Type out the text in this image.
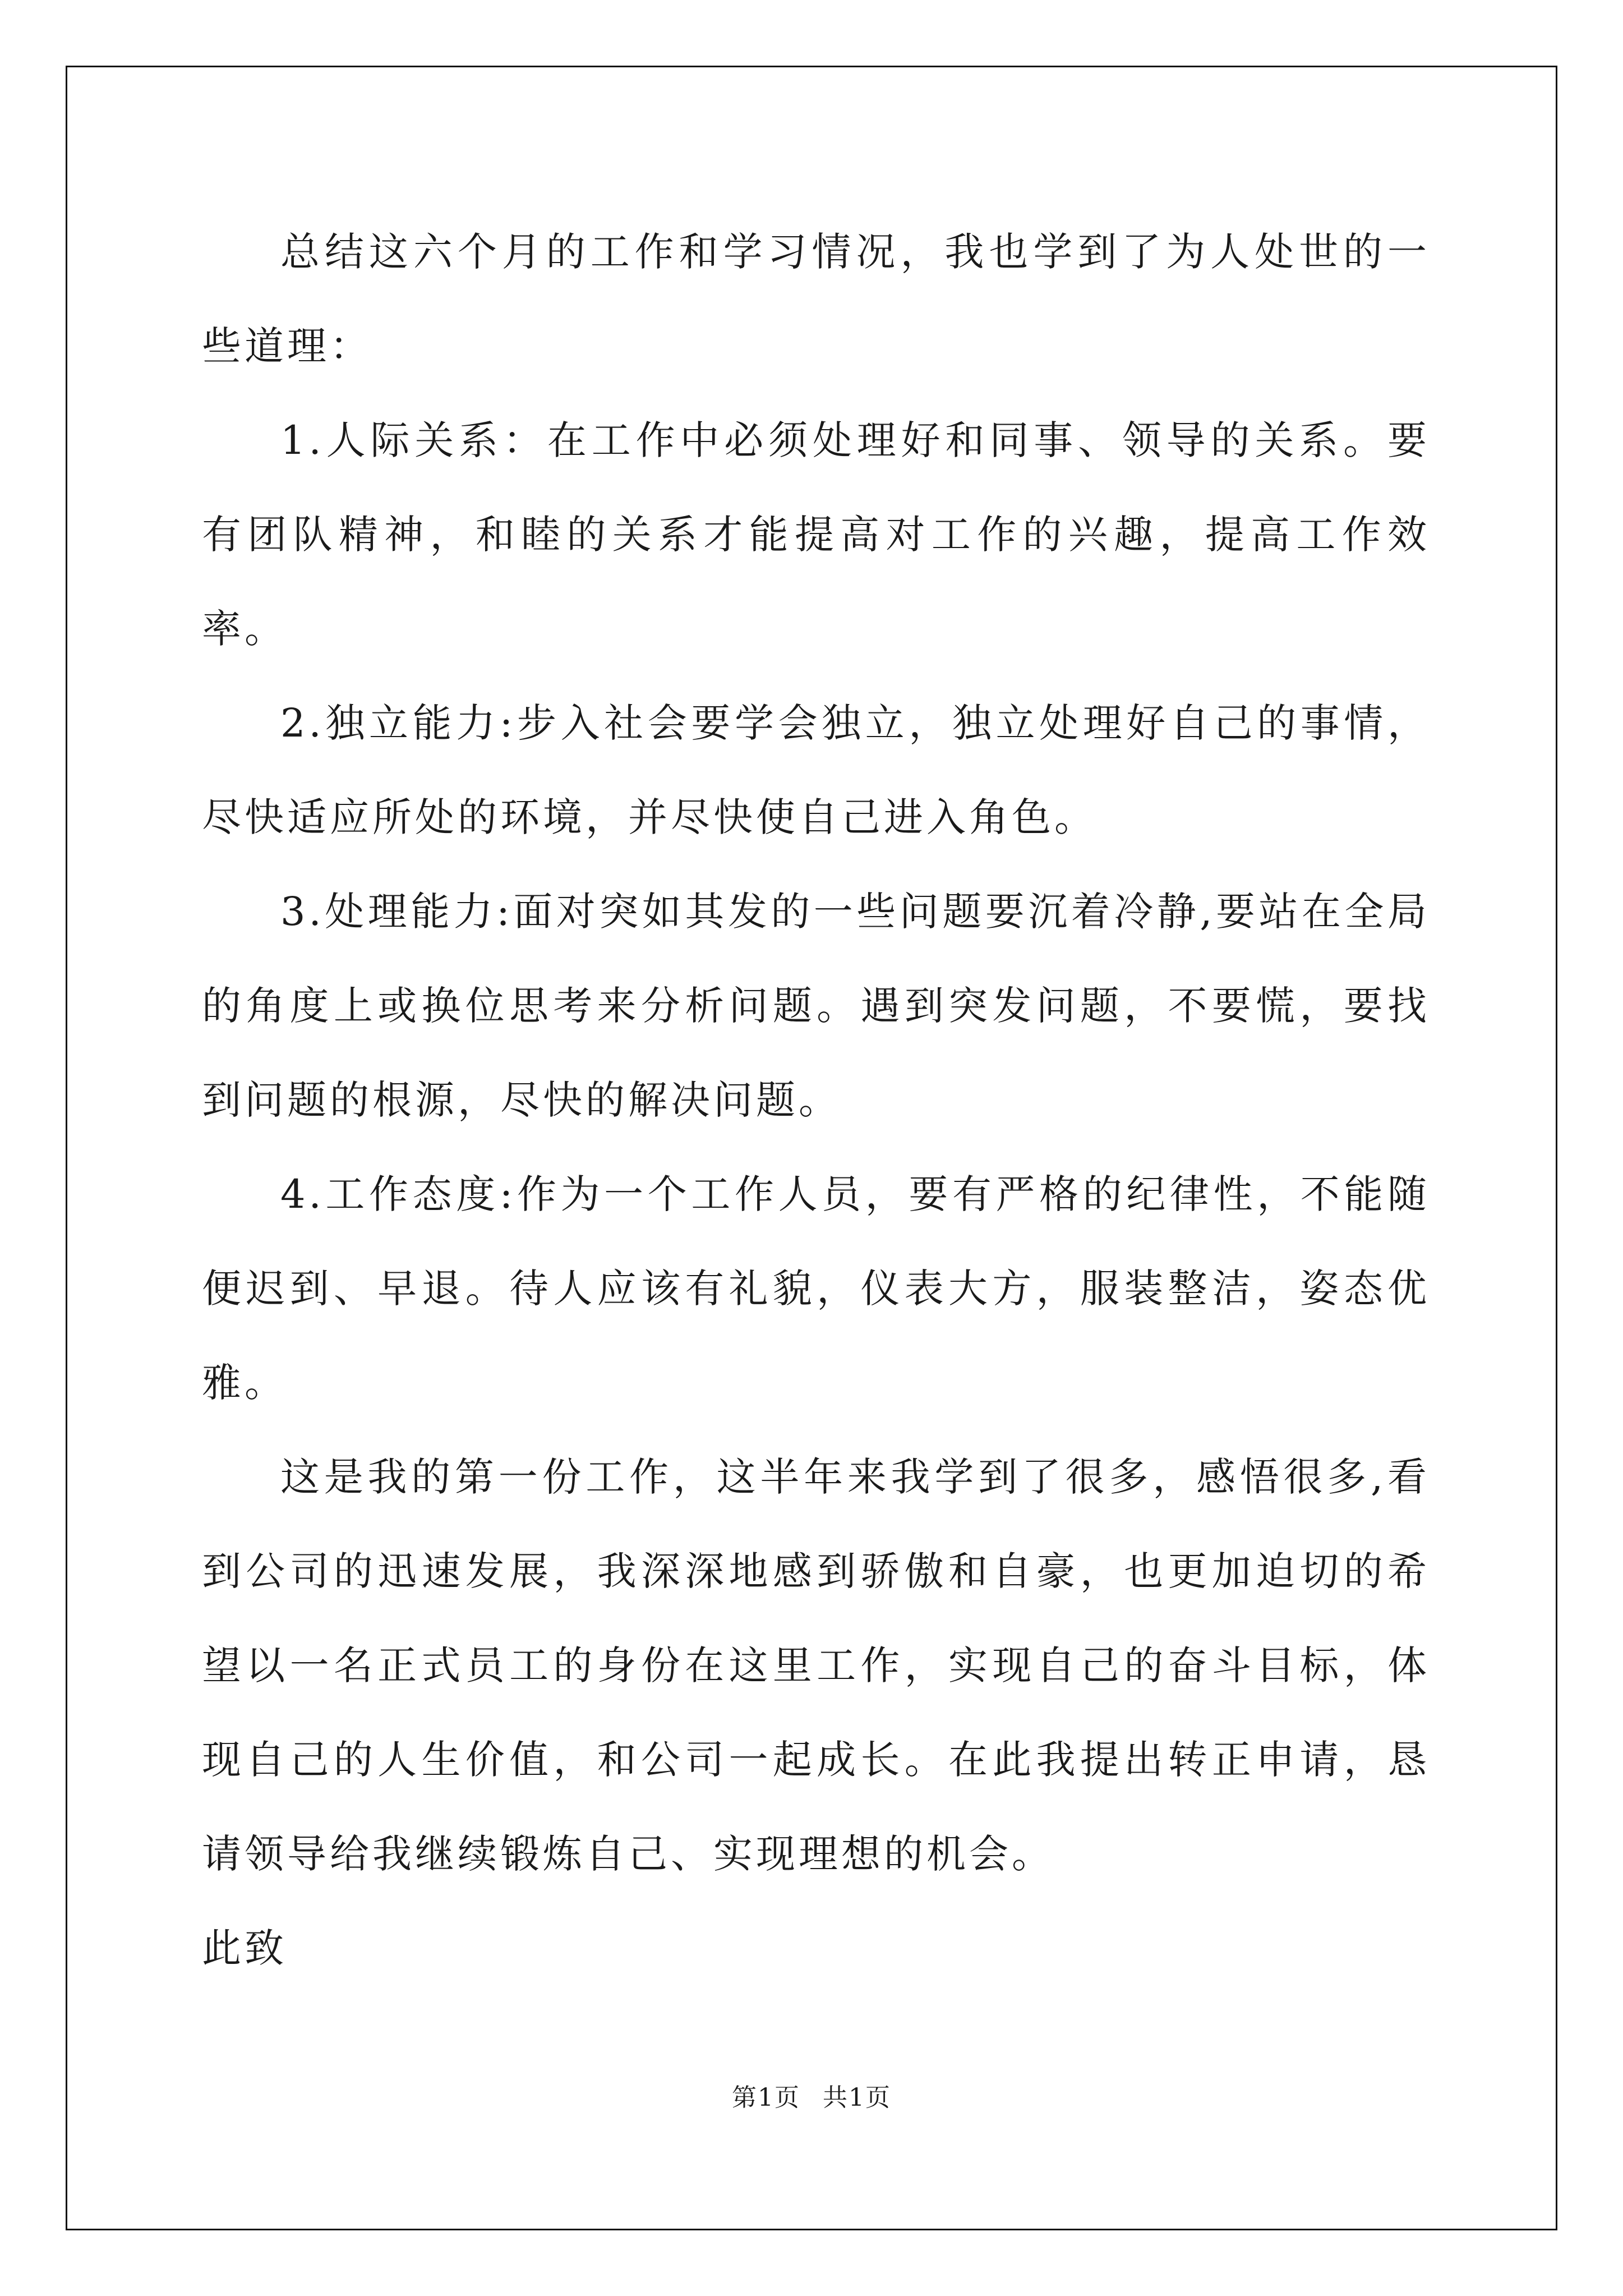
总结这六个月的工作和学习情况，我也学到了为人处世的一些道理：

1.人际关系：在工作中必须处理好和同事、领导的关系。要有团队精神，和睦的关系才能提高对工作的兴趣，提高工作效率。

2.独立能力:步入社会要学会独立，独立处理好自己的事情，尽快适应所处的环境，并尽快使自己进入角色。

3.处理能力:面对突如其发的一些问题要沉着冷静,要站在全局的角度上或换位思考来分析问题。遇到突发问题，不要慌，要找到问题的根源，尽快的解决问题。

4.工作态度:作为一个工作人员，要有严格的纪律性，不能随便迟到、早退。待人应该有礼貌，仪表大方，服装整洁，姿态优雅。

这是我的第一份工作，这半年来我学到了很多，感悟很多,看到公司的迅速发展，我深深地感到骄傲和自豪，也更加迫切的希望以一名正式员工的身份在这里工作，实现自己的奋斗目标，体现自己的人生价值，和公司一起成长。在此我提出转正申请，恳请领导给我继续锻炼自己、实现理想的机会。

此致

第1页 共1页
